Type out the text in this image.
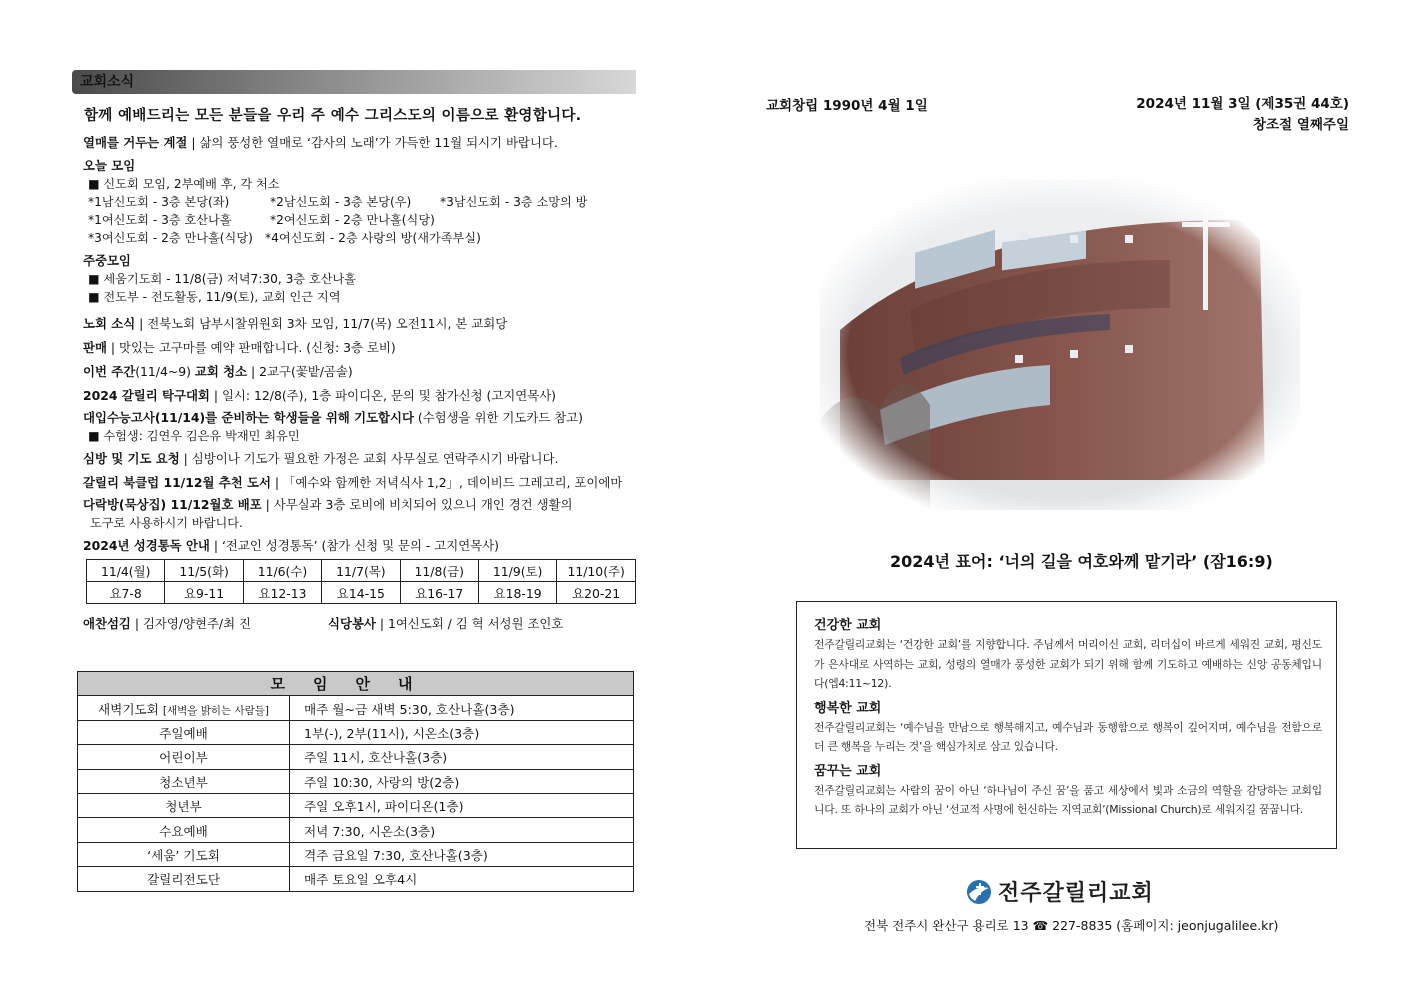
교회소식
함께 예배드리는 모든 분들을 우리 주 예수 그리스도의 이름으로 환영합니다.
열매를 거두는 계절 | 삶의 풍성한 열매로 ‘감사의 노래’가 가득한 11월 되시기 바랍니다.
오늘 모임
■ 신도회 모임, 2부예배 후, 각 처소
*1남신도회 - 3층 본당(좌)	*2남신도회 - 3층 본당(우)	*3남신도회 - 3층 소망의 방
*1여신도회 - 3층 호산나홀	*2여신도회 - 2층 만나홀(식당)
*3여신도회 - 2층 만나홀(식당) *4여신도회 - 2층 사랑의 방(새가족부실)
주중모임
■ 세움기도회 - 11/8(금) 저녁7:30, 3층 호산나홀
■ 전도부 - 전도활동, 11/9(토), 교회 인근 지역
노회 소식 | 전북노회 남부시찰위원회 3차 모임, 11/7(목) 오전11시, 본 교회당
판매 | 맛있는 고구마를 예약 판매합니다. (신청: 3층 로비)
이번 주간(11/4~9) 교회 청소 | 2교구(꽃밭/곰솔)
2024 갈릴리 탁구대회 | 일시: 12/8(주), 1층 파이디온, 문의 및 참가신청 (고지연목사)
대입수능고사(11/14)를 준비하는 학생들을 위해 기도합시다 (수험생을 위한 기도카드 참고)
■ 수험생: 김연우 김은유 박재민 최유민
심방 및 기도 요청 | 심방이나 기도가 필요한 가정은 교회 사무실로 연락주시기 바랍니다.
갈릴리 북클럽 11/12월 추천 도서 | 「예수와 함께한 저녁식사 1,2」, 데이비드 그레고리, 포이에마
다락방(묵상집) 11/12월호 배포 | 사무실과 3층 로비에 비치되어 있으니 개인 경건 생활의
도구로 사용하시기 바랍니다.
2024년 성경통독 안내 | ‘전교인 성경통독’ (참가 신청 및 문의 - 고지연목사)
11/4(월)	11/5(화)	11/6(수)	11/7(목)	11/8(금)	11/9(토)	11/10(주)
요7-8	요9-11	요12-13	요14-15	요16-17	요18-19	요20-21
애찬섬김 | 김자영/양현주/최 진	식당봉사 | 1여신도회 / 김 혁 서성원 조인호
모임안내	
새벽기도회 [새벽을 밝히는 사람들]	매주 월~금 새벽 5:30, 호산나홀(3층)
주일예배	1부(-), 2부(11시), 시온소(3층)
어린이부	주일 11시, 호산나홀(3층)
청소년부	주일 10:30, 사랑의 방(2층)
청년부	주일 오후1시, 파이디온(1층)
수요예배	저녁 7:30, 시온소(3층)
‘세움’ 기도회	격주 금요일 7:30, 호산나홀(3층)
갈릴리전도단	매주 토요일 오후4시
교회창립 1990년 4월 1일	2024년 11월 3일 (제35권 44호)
창조절 열째주일
2024년 표어: ‘너의 길을 여호와께 맡기라’ (잠16:9)
건강한 교회
전주갈릴리교회는 ‘건강한 교회’를 지향합니다. 주님께서 머리이신 교회, 리더십이 바르게 세워진 교회, 평신도가 은사대로 사역하는 교회, 성령의 열매가 풍성한 교회가 되기 위해 함께 기도하고 예배하는 신앙 공동체입니다(엡4:11~12).
행복한 교회
전주갈릴리교회는 ‘예수님을 만남으로 행복해지고, 예수님과 동행함으로 행복이 깊어지며, 예수님을 전함으로 더 큰 행복을 누리는 것’을 핵심가치로 삼고 있습니다.
꿈꾸는 교회
전주갈릴리교회는 사람의 꿈이 아닌 ‘하나님이 주신 꿈’을 품고 세상에서 빛과 소금의 역할을 감당하는 교회입니다. 또 하나의 교회가 아닌 ‘선교적 사명에 헌신하는 지역교회’(Missional Church)로 세워지길 꿈꿉니다.
전주갈릴리교회
전북 전주시 완산구 용리로 13 ☎ 227-8835 (홈페이지: jeonjugalilee.kr)
